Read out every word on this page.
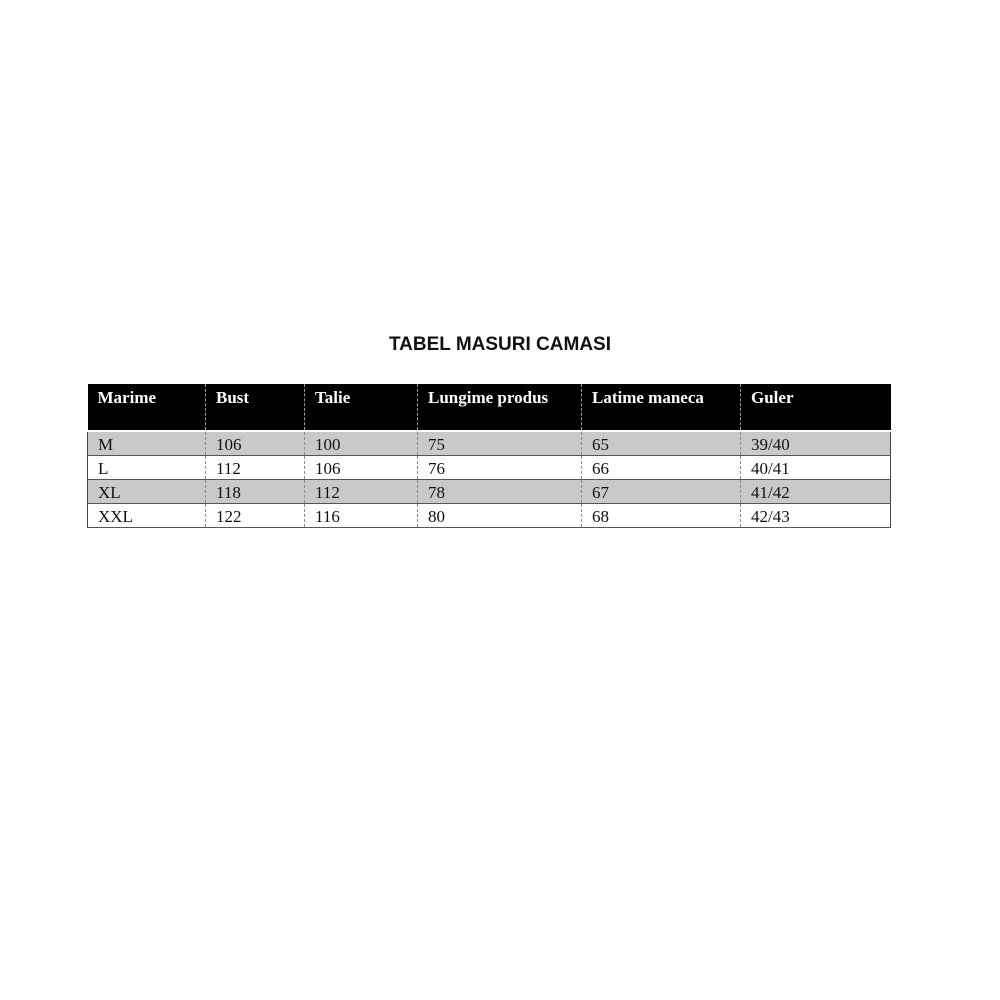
TABEL MASURI CAMASI
Marime	Bust	Talie	Lungime produs	Latime maneca	Guler
M	106	100	75	65	39/40
L	112	106	76	66	40/41
XL	118	112	78	67	41/42
XXL	122	116	80	68	42/43
